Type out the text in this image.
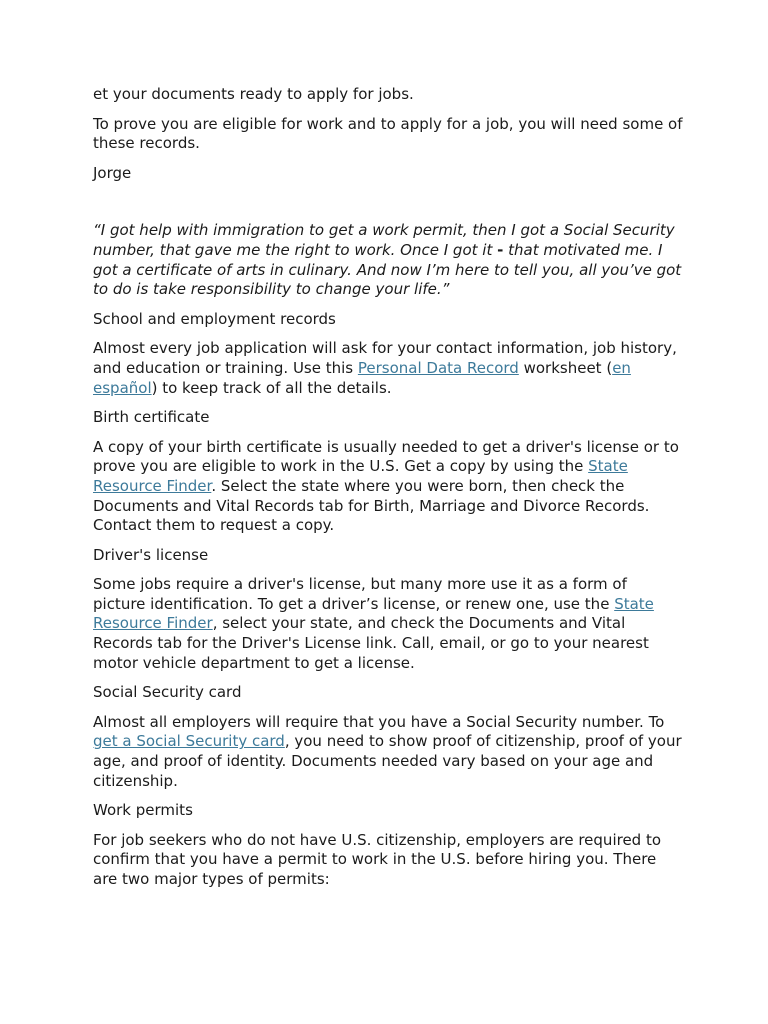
et your documents ready to apply for jobs.

To prove you are eligible for work and to apply for a job, you will need some of these records.

Jorge

“I got help with immigration to get a work permit, then I got a Social Security number, that gave me the right to work. Once I got it - that motivated me. I got a certificate of arts in culinary. And now I’m here to tell you, all you’ve got to do is take responsibility to change your life.”

School and employment records

Almost every job application will ask for your contact information, job history, and education or training. Use this Personal Data Record worksheet (en español) to keep track of all the details.

Birth certificate

A copy of your birth certificate is usually needed to get a driver's license or to prove you are eligible to work in the U.S. Get a copy by using the State Resource Finder. Select the state where you were born, then check the Documents and Vital Records tab for Birth, Marriage and Divorce Records. Contact them to request a copy.

Driver's license

Some jobs require a driver's license, but many more use it as a form of picture identification. To get a driver’s license, or renew one, use the State Resource Finder, select your state, and check the Documents and Vital Records tab for the Driver's License link. Call, email, or go to your nearest motor vehicle department to get a license.

Social Security card

Almost all employers will require that you have a Social Security number. To get a Social Security card, you need to show proof of citizenship, proof of your age, and proof of identity. Documents needed vary based on your age and citizenship.

Work permits

For job seekers who do not have U.S. citizenship, employers are required to confirm that you have a permit to work in the U.S. before hiring you. There are two major types of permits:
